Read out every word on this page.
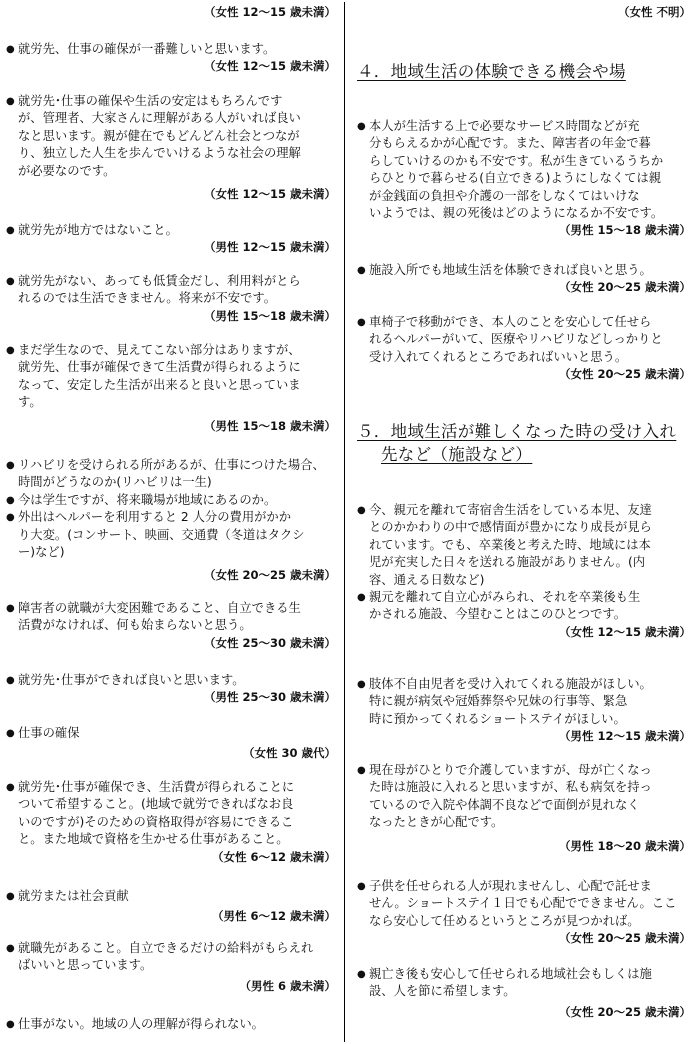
（女性 12～15 歳未満）
● 就労先、仕事の確保が一番難しいと思います。
（女性 12～15 歳未満）
● 就労先･仕事の確保や生活の安定はもちろんです
が、管理者、大家さんに理解がある人がいれば良い
なと思います。親が健在でもどんどん社会とつなが
り、独立した人生を歩んでいけるような社会の理解
が必要なのです。
（女性 12～15 歳未満）
● 就労先が地方ではないこと。
（男性 12～15 歳未満）
● 就労先がない、あっても低賃金だし、利用料がとら
れるのでは生活できません。将来が不安です。
（男性 15～18 歳未満）
● まだ学生なので、見えてこない部分はありますが、
就労先、仕事が確保できて生活費が得られるように
なって、安定した生活が出来ると良いと思っていま
す。
（男性 15～18 歳未満）
● リハビリを受けられる所があるが、仕事につけた場合、
時間がどうなのか(リハビリは一生)
● 今は学生ですが、将来職場が地域にあるのか。
● 外出はヘルパーを利用すると 2 人分の費用がかか
り大変。(コンサート、映画、交通費（冬道はタクシ
ー)など)
（女性 20～25 歳未満）
● 障害者の就職が大変困難であること、自立できる生
活費がなければ、何も始まらないと思う。
（女性 25～30 歳未満）
● 就労先･仕事ができれば良いと思います。
（男性 25～30 歳未満）
● 仕事の確保
（女性 30 歳代）
● 就労先･仕事が確保でき、生活費が得られることに
ついて希望すること。(地域で就労できればなお良
いのですが)そのための資格取得が容易にできるこ
と。また地域で資格を生かせる仕事があること。
（女性 6～12 歳未満）
● 就労または社会貢献
（男性 6～12 歳未満）
● 就職先があること。自立できるだけの給料がもらえれ
ばいいと思っています。
（男性 6 歳未満）
● 仕事がない。地域の人の理解が得られない。
（女性 不明）
４．地域生活の体験できる機会や場
● 本人が生活する上で必要なサービス時間などが充
分もらえるかが心配です。また、障害者の年金で暮
らしていけるのかも不安です。私が生きているうちか
らひとりで暮らせる(自立できる)ようにしなくては親
が金銭面の負担や介護の一部をしなくてはいけな
いようでは、親の死後はどのようになるか不安です。
（男性 15～18 歳未満）
● 施設入所でも地域生活を体験できれば良いと思う。
（女性 20～25 歳未満）
● 車椅子で移動ができ、本人のことを安心して任せら
れるヘルパーがいて、医療やリハビリなどしっかりと
受け入れてくれるところであればいいと思う。
（女性 20～25 歳未満）
５．地域生活が難しくなった時の受け入れ
先など（施設など）
● 今、親元を離れて寄宿舎生活をしている本児、友達
とのかかわりの中で感情面が豊かになり成長が見ら
れています。でも、卒業後と考えた時、地域には本
児が充実した日々を送れる施設がありません。(内
容、通える日数など)
● 親元を離れて自立心がみられ、それを卒業後も生
かされる施設、今望むことはこのひとつです。
（女性 12～15 歳未満）
● 肢体不自由児者を受け入れてくれる施設がほしい。
特に親が病気や冠婚葬祭や兄妹の行事等、緊急
時に預かってくれるショートステイがほしい。
（男性 12～15 歳未満）
● 現在母がひとりで介護していますが、母が亡くなっ
た時は施設に入れると思いますが、私も病気を持っ
ているので入院や体調不良などで面倒が見れなく
なったときが心配です。
（男性 18～20 歳未満）
● 子供を任せられる人が現れませんし、心配で託せま
せん。ショートステイ１日でも心配でできません。ここ
なら安心して任めるというところが見つかれば。
（女性 20～25 歳未満）
● 親亡き後も安心して任せられる地域社会もしくは施
設、人を節に希望します。
（女性 20～25 歳未満）
